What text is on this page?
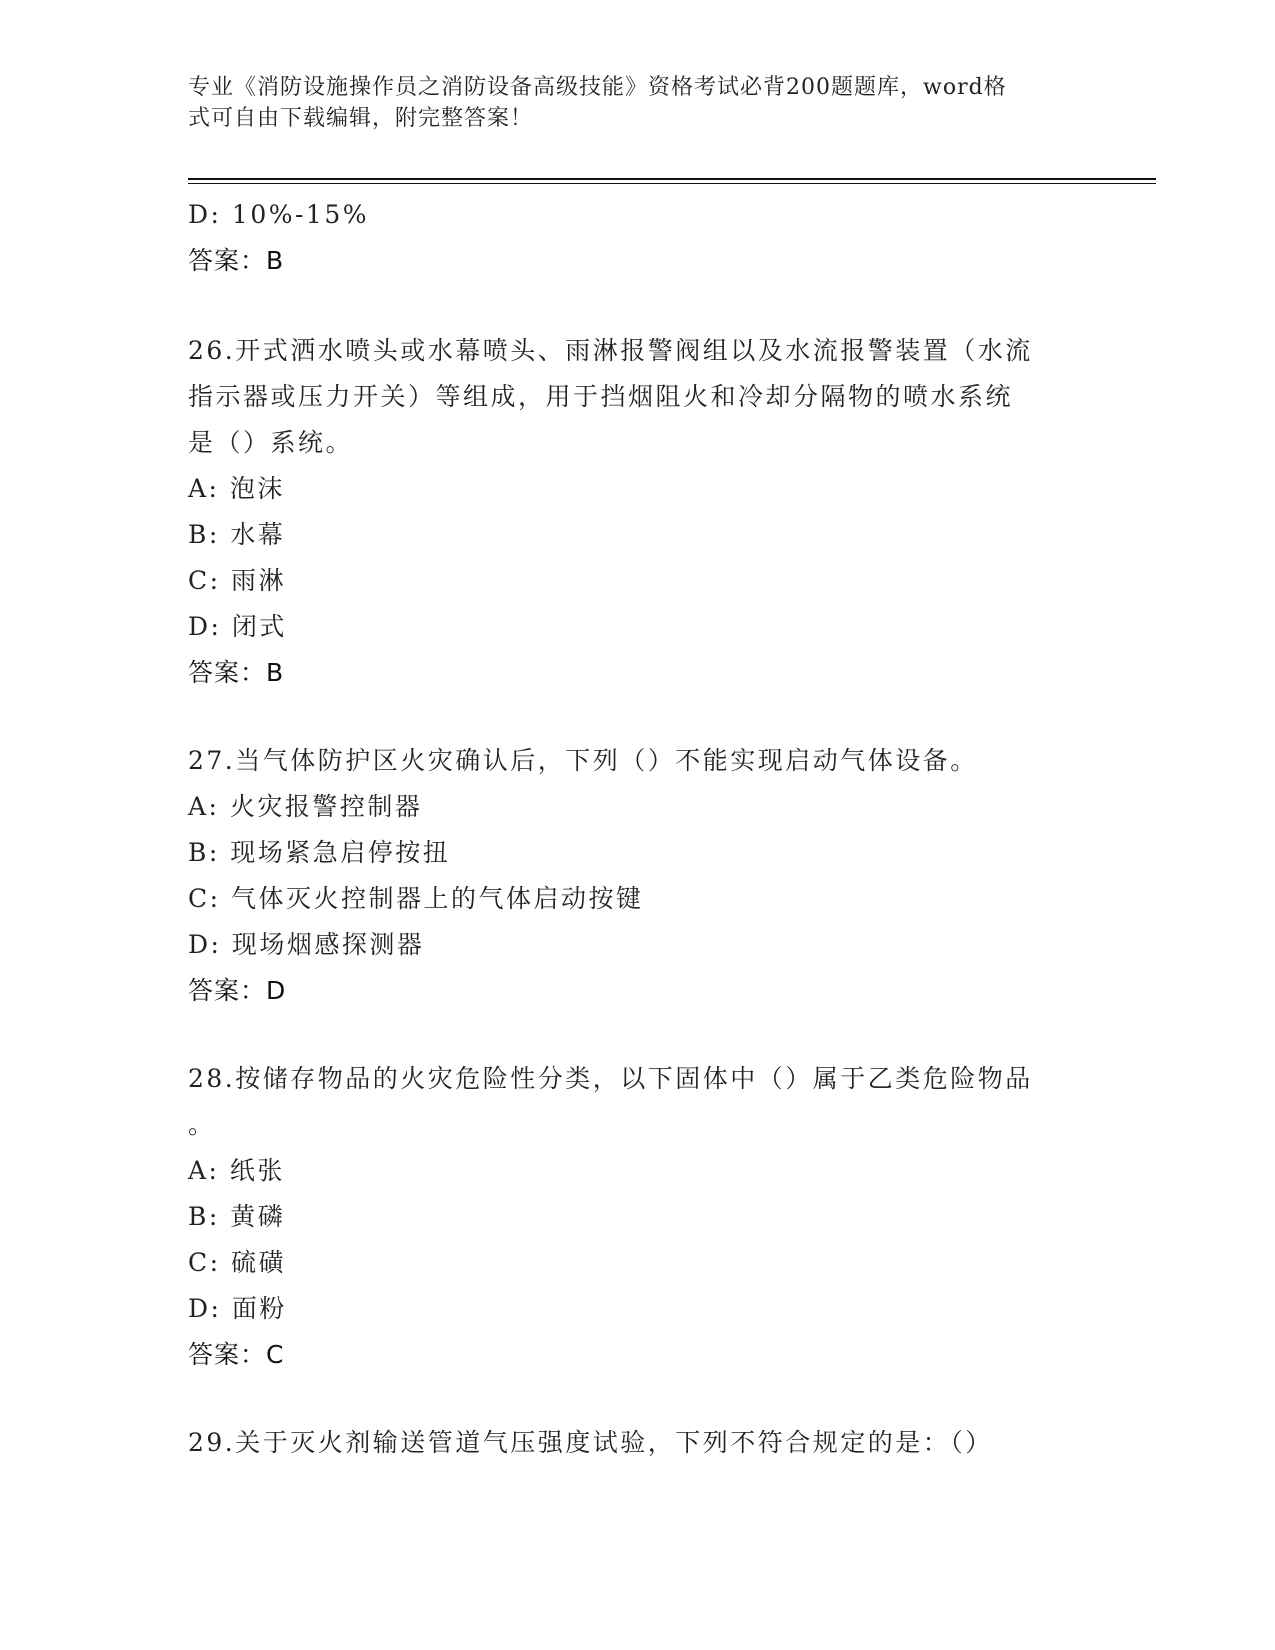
专业《消防设施操作员之消防设备高级技能》资格考试必背200题题库，word格
式可自由下载编辑，附完整答案！
D: 10%-15%
答案：B
26.开式洒水喷头或水幕喷头、雨淋报警阀组以及水流报警装置（水流
指示器或压力开关）等组成，用于挡烟阻火和冷却分隔物的喷水系统
是（）系统。
A: 泡沫
B: 水幕
C: 雨淋
D: 闭式
答案：B
27.当气体防护区火灾确认后，下列（）不能实现启动气体设备。
A: 火灾报警控制器
B: 现场紧急启停按扭
C: 气体灭火控制器上的气体启动按键
D: 现场烟感探测器
答案：D
28.按储存物品的火灾危险性分类，以下固体中（）属于乙类危险物品
。
A: 纸张
B: 黄磷
C: 硫磺
D: 面粉
答案：C
29.关于灭火剂输送管道气压强度试验，下列不符合规定的是：（）
